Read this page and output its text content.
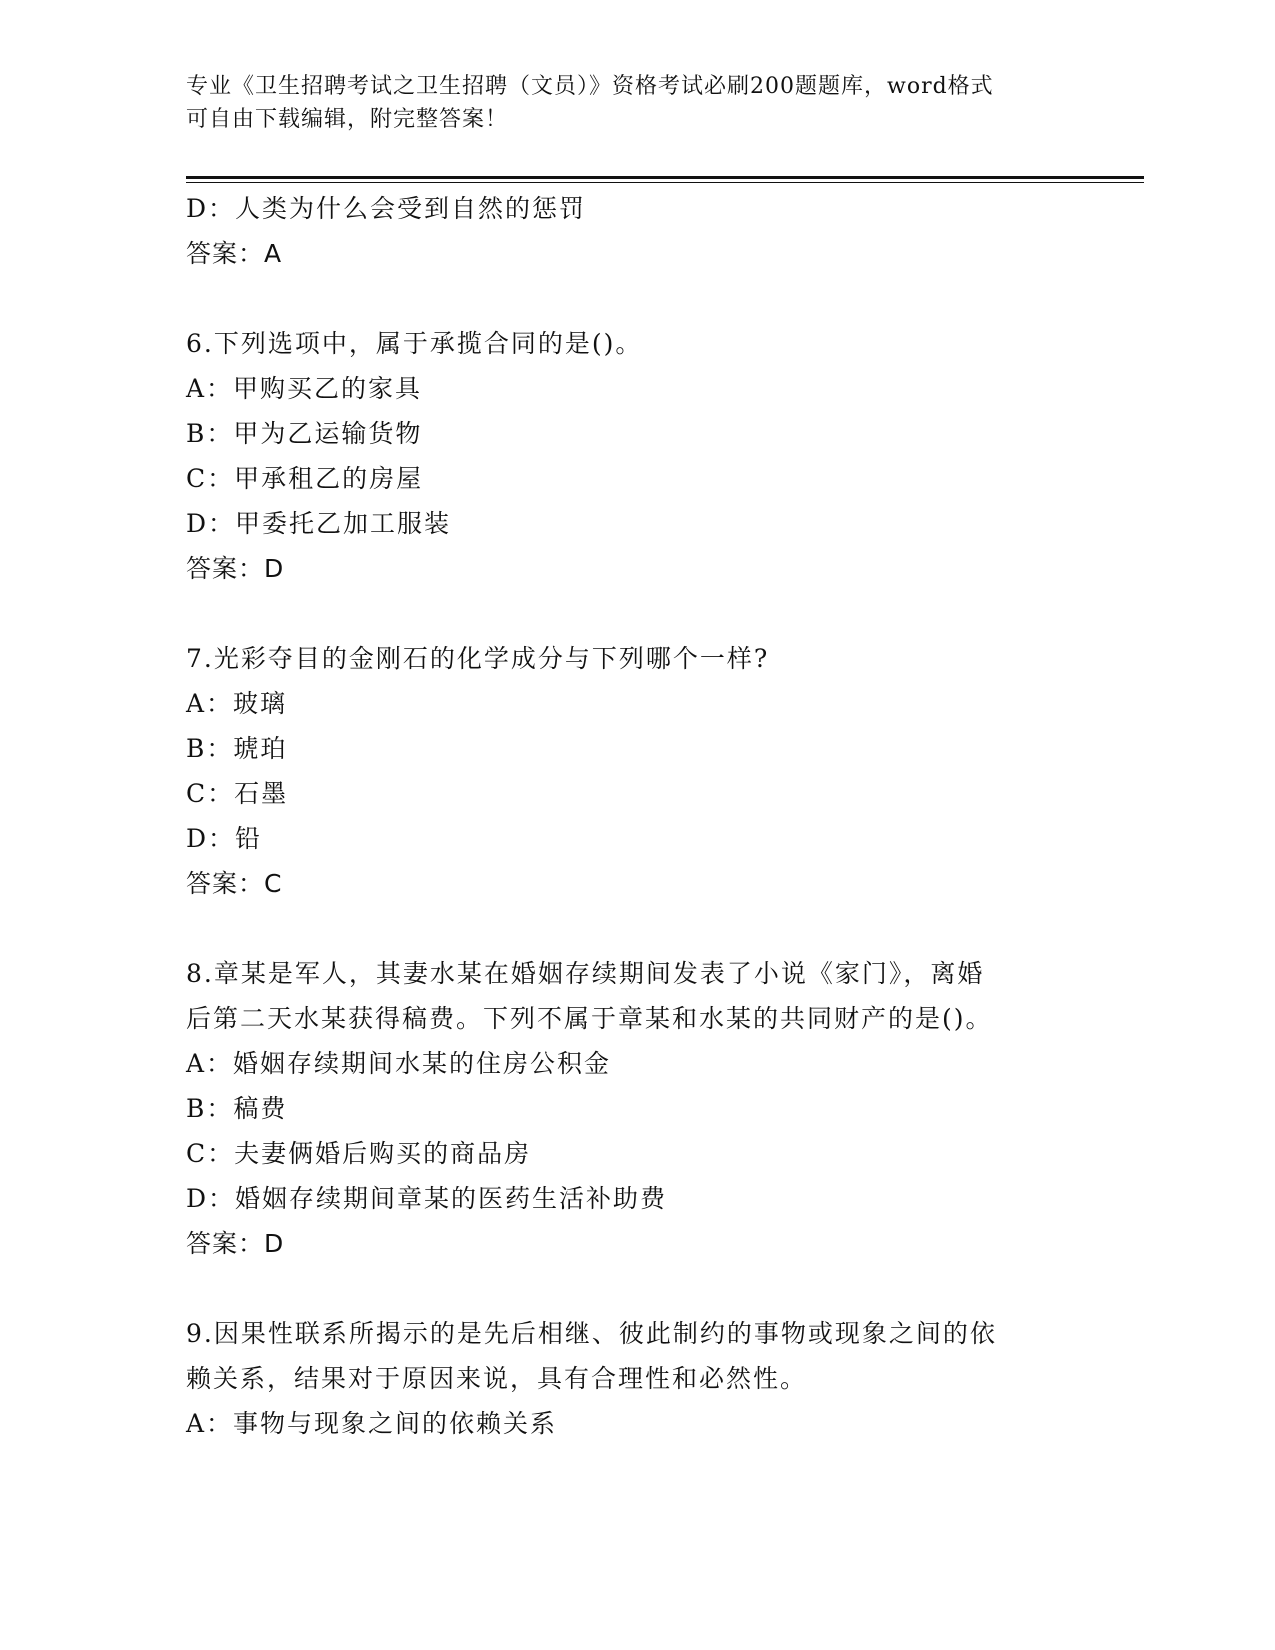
专业《卫生招聘考试之卫生招聘（文员）》资格考试必刷200题题库，word格式
可自由下载编辑，附完整答案！
D：人类为什么会受到自然的惩罚
答案：A
6.下列选项中，属于承揽合同的是()。
A：甲购买乙的家具
B：甲为乙运输货物
C：甲承租乙的房屋
D：甲委托乙加工服装
答案：D
7.光彩夺目的金刚石的化学成分与下列哪个一样?
A：玻璃
B：琥珀
C：石墨
D：铅
答案：C
8.章某是军人，其妻水某在婚姻存续期间发表了小说《家门》，离婚
后第二天水某获得稿费。下列不属于章某和水某的共同财产的是()。
A：婚姻存续期间水某的住房公积金
B：稿费
C：夫妻俩婚后购买的商品房
D：婚姻存续期间章某的医药生活补助费
答案：D
9.因果性联系所揭示的是先后相继、彼此制约的事物或现象之间的依
赖关系，结果对于原因来说，具有合理性和必然性。
A：事物与现象之间的依赖关系
